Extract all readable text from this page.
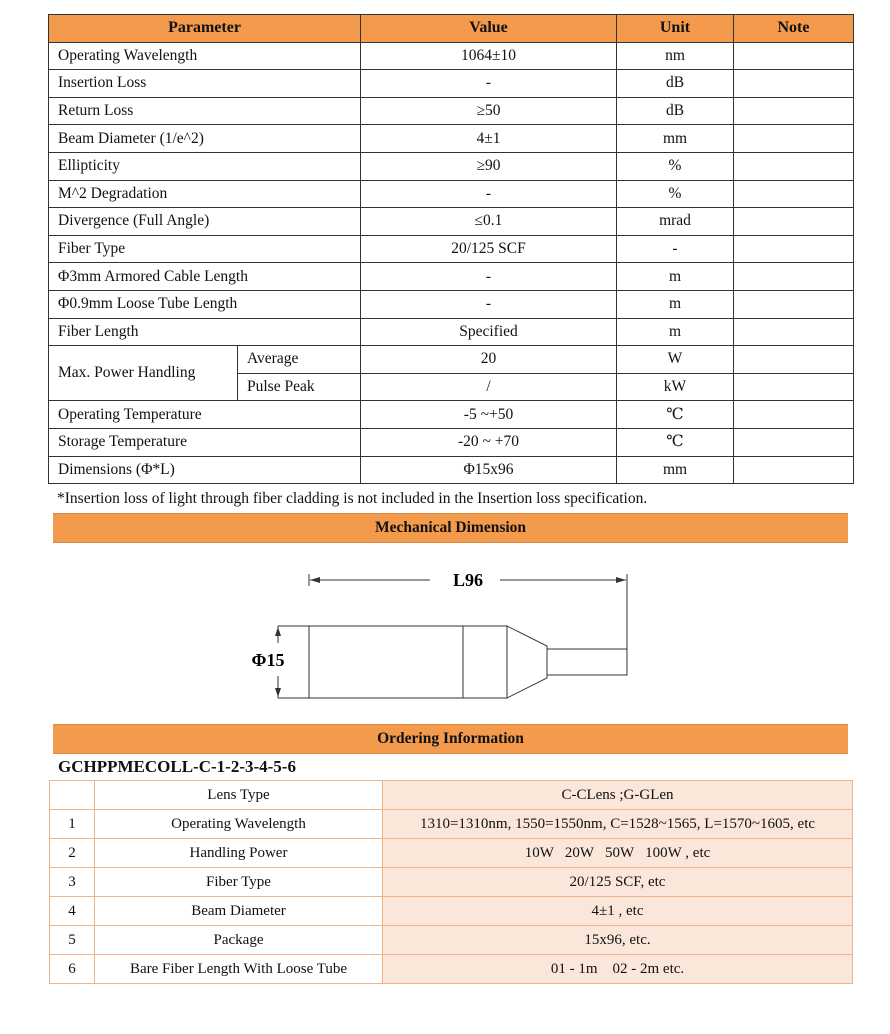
Parameter		Value	Unit	Note
Operating Wavelength		1064±10	nm	
Insertion Loss		-	dB	
Return Loss		≥50	dB	
Beam Diameter (1/e^2)		4±1	mm	
Ellipticity		≥90	%	
M^2 Degradation		-	%	
Divergence (Full Angle)		≤0.1	mrad	
Fiber Type		20/125 SCF	-	
Φ3mm Armored Cable Length		-	m	
Φ0.9mm Loose Tube Length		-	m	
Fiber Length		Specified	m	
Max. Power Handling	Average	20	W	
	Pulse Peak	/	kW	
Operating Temperature		-5 ~+50	℃	
Storage Temperature		-20 ~ +70	℃	
Dimensions (Φ*L)		Φ15x96	mm	
*Insertion loss of light through fiber cladding is not included in the Insertion loss specification.
Mechanical Dimension
L96
Φ15
Ordering Information
GCHPPMECOLL-C-1-2-3-4-5-6
	Lens Type	C-CLens ;G-GLen
1	Operating Wavelength	1310=1310nm, 1550=1550nm, C=1528~1565, L=1570~1605, etc
2	Handling Power	10W   20W   50W   100W , etc
3	Fiber Type	20/125 SCF, etc
4	Beam Diameter	4±1 , etc
5	Package	15x96, etc.
6	Bare Fiber Length With Loose Tube	01 - 1m    02 - 2m etc.
